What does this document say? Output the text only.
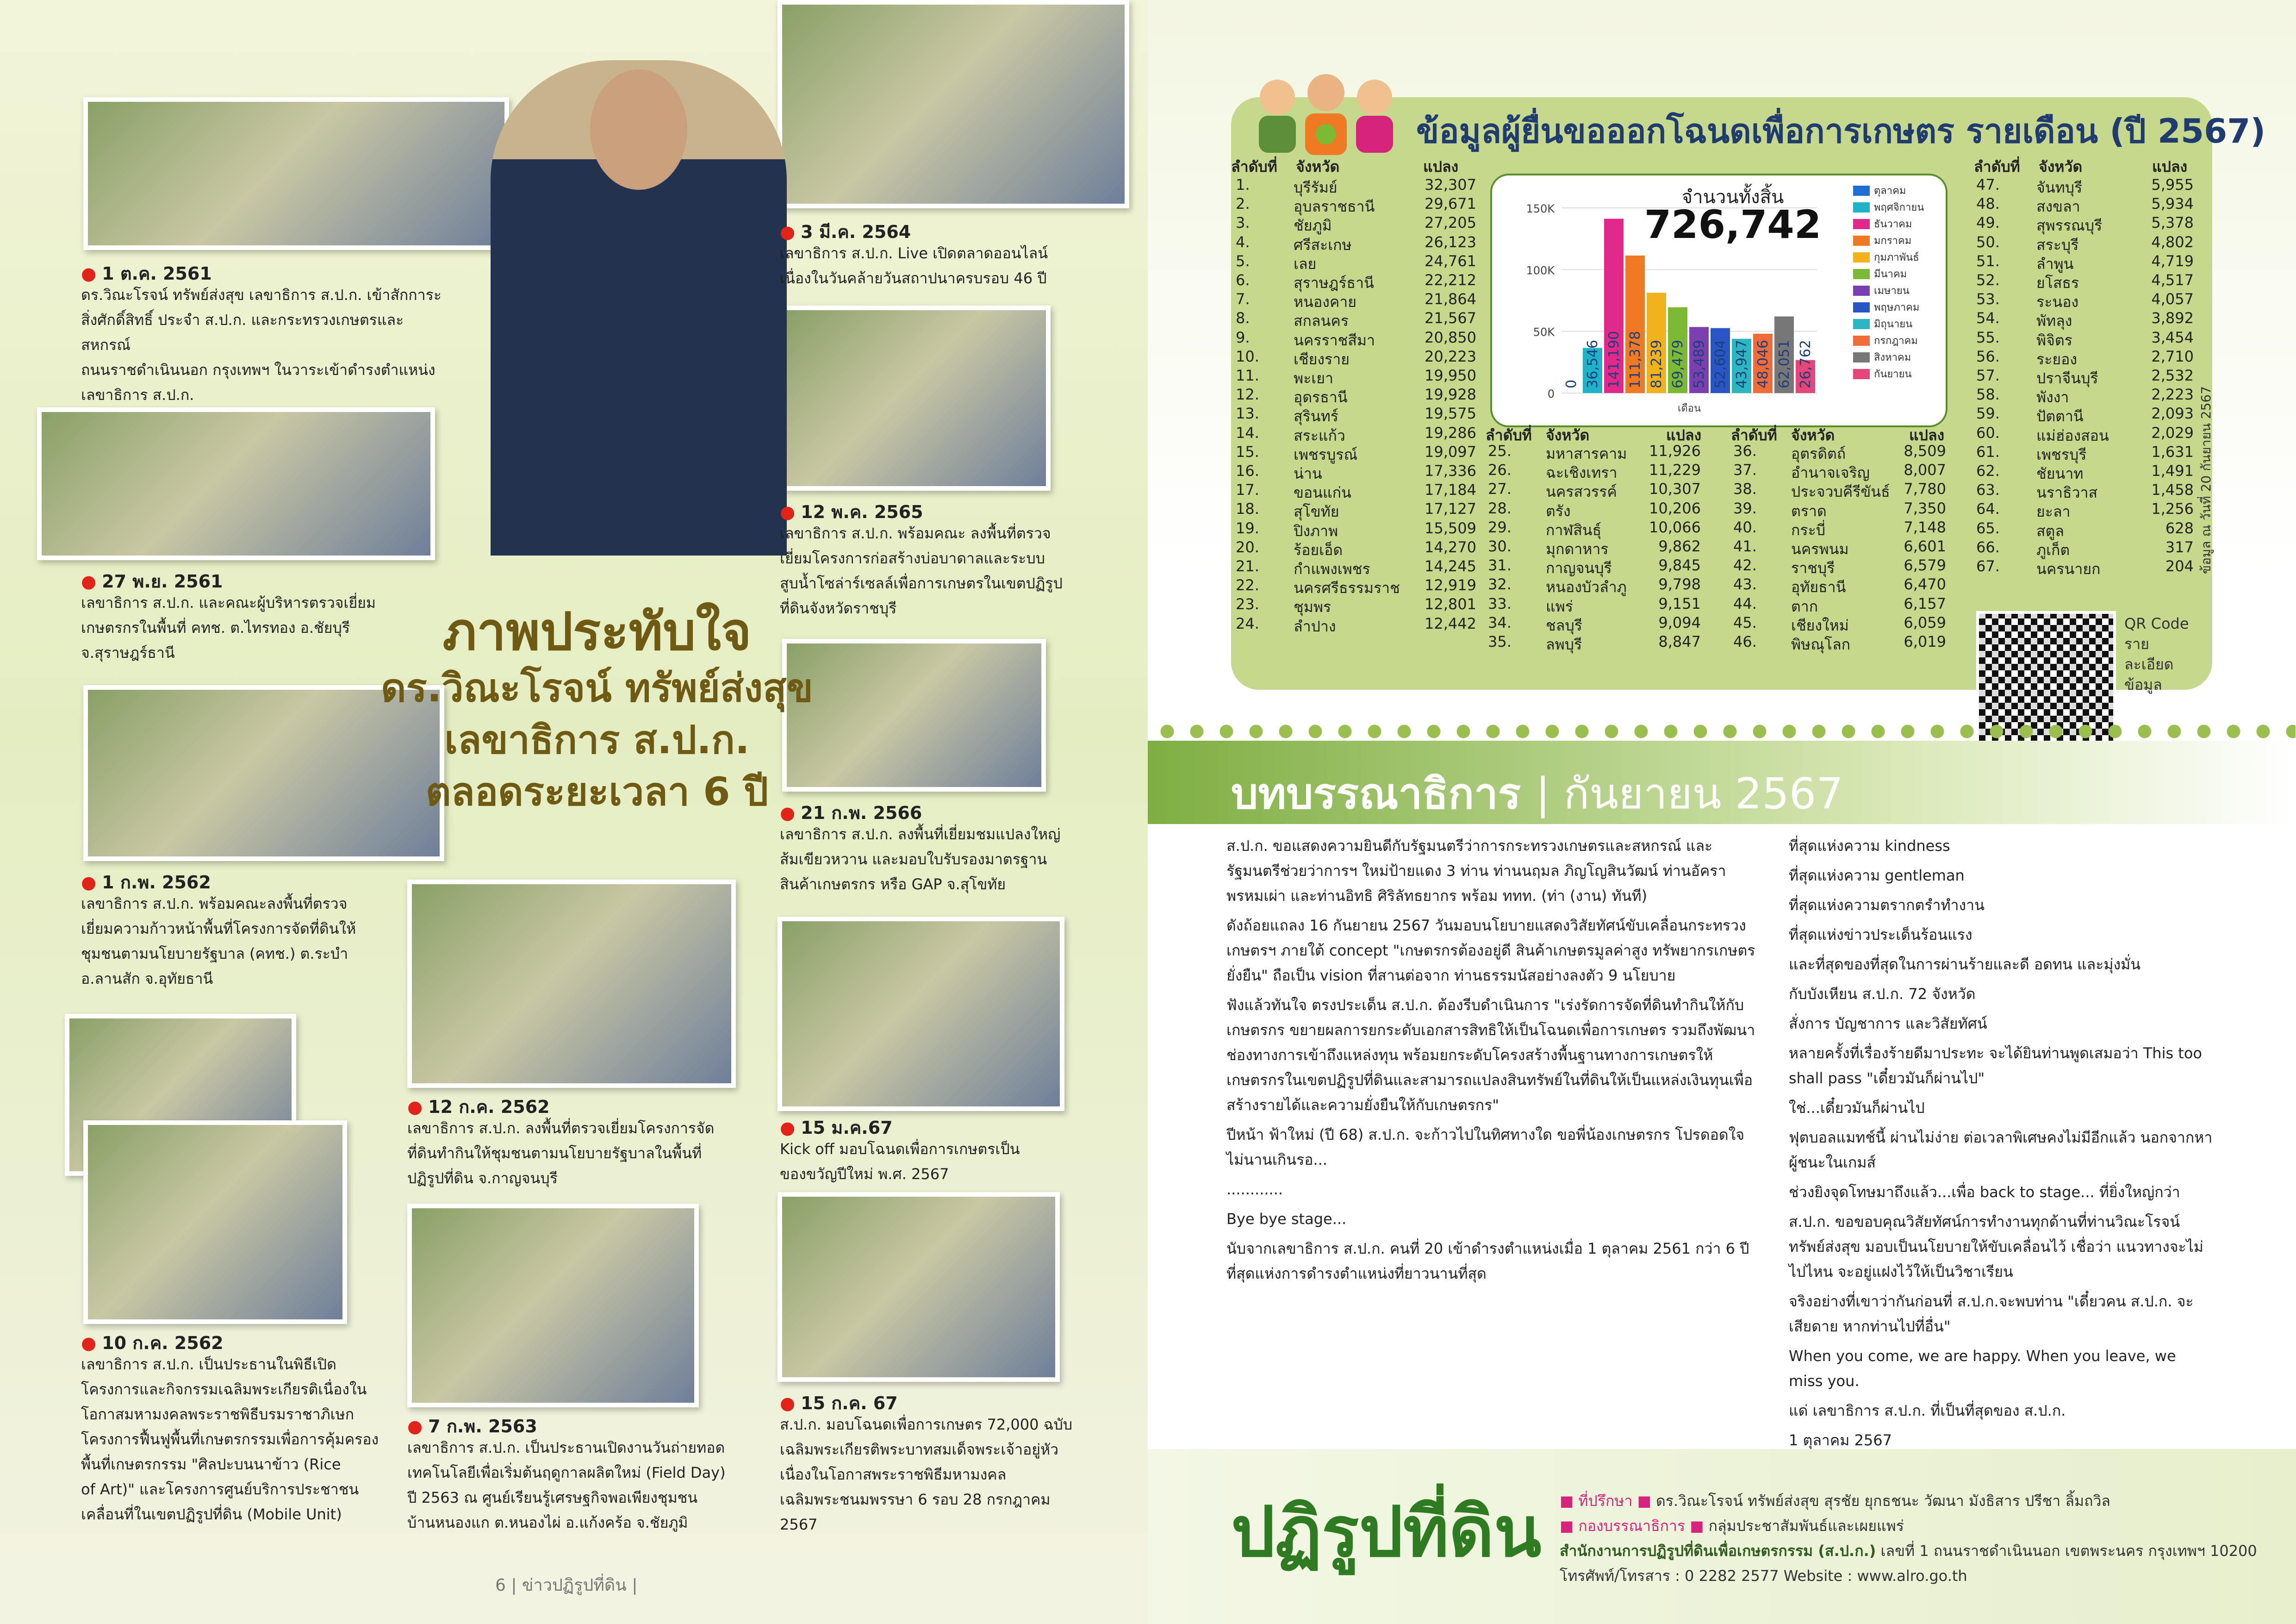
ภาพประทับใจ
ดร.วิณะโรจน์ ทรัพย์ส่งสุข
เลขาธิการ ส.ป.ก.
ตลอดระยะเวลา 6 ปี
● 1 ต.ค. 2561
ดร.วิณะโรจน์ ทรัพย์ส่งสุข เลขาธิการ ส.ป.ก. เข้าสักการะ
สิ่งศักดิ์สิทธิ์ ประจำ ส.ป.ก. และกระทรวงเกษตรและสหกรณ์
ถนนราชดำเนินนอก กรุงเทพฯ ในวาระเข้าดำรงตำแหน่ง
เลขาธิการ ส.ป.ก.
● 27 พ.ย. 2561
เลขาธิการ ส.ป.ก. และคณะผู้บริหารตรวจเยี่ยม
เกษตรกรในพื้นที่ คทช. ต.ไทรทอง อ.ชัยบุรี
จ.สุราษฎร์ธานี
● 1 ก.พ. 2562
เลขาธิการ ส.ป.ก. พร้อมคณะลงพื้นที่ตรวจ
เยี่ยมความก้าวหน้าพื้นที่โครงการจัดที่ดินให้
ชุมชนตามนโยบายรัฐบาล (คทช.) ต.ระบำ
อ.ลานสัก จ.อุทัยธานี
● 10 ก.ค. 2562
เลขาธิการ ส.ป.ก. เป็นประธานในพิธีเปิด
โครงการและกิจกรรมเฉลิมพระเกียรติเนื่องใน
โอกาสมหามงคลพระราชพิธีบรมราชาภิเษก
โครงการฟื้นฟูพื้นที่เกษตรกรรมเพื่อการคุ้มครอง
พื้นที่เกษตรกรรม "ศิลปะบนนาข้าว (Rice
of Art)" และโครงการศูนย์บริการประชาชน
เคลื่อนที่ในเขตปฏิรูปที่ดิน (Mobile Unit)
● 12 ก.ค. 2562
เลขาธิการ ส.ป.ก. ลงพื้นที่ตรวจเยี่ยมโครงการจัด
ที่ดินทำกินให้ชุมชนตามนโยบายรัฐบาลในพื้นที่
ปฏิรูปที่ดิน จ.กาญจนบุรี
● 7 ก.พ. 2563
เลขาธิการ ส.ป.ก. เป็นประธานเปิดงานวันถ่ายทอด
เทคโนโลยีเพื่อเริ่มต้นฤดูกาลผลิตใหม่ (Field Day)
ปี 2563 ณ ศูนย์เรียนรู้เศรษฐกิจพอเพียงชุมชน
บ้านหนองแก ต.หนองไผ่ อ.แก้งคร้อ จ.ชัยภูมิ
● 3 มี.ค. 2564
เลขาธิการ ส.ป.ก. Live เปิดตลาดออนไลน์
เนื่องในวันคล้ายวันสถาปนาครบรอบ 46 ปี
● 12 พ.ค. 2565
เลขาธิการ ส.ป.ก. พร้อมคณะ ลงพื้นที่ตรวจ
เยี่ยมโครงการก่อสร้างบ่อบาดาลและระบบ
สูบน้ำโซล่าร์เซลล์เพื่อการเกษตรในเขตปฏิรูป
ที่ดินจังหวัดราชบุรี
● 21 ก.พ. 2566
เลขาธิการ ส.ป.ก. ลงพื้นที่เยี่ยมชมแปลงใหญ่
ส้มเขียวหวาน และมอบใบรับรองมาตรฐาน
สินค้าเกษตรกร หรือ GAP จ.สุโขทัย
● 15 ม.ค.67
Kick off มอบโฉนดเพื่อการเกษตรเป็น
ของขวัญปีใหม่ พ.ศ. 2567
● 15 ก.ค. 67
ส.ป.ก. มอบโฉนดเพื่อการเกษตร 72,000 ฉบับ
เฉลิมพระเกียรติพระบาทสมเด็จพระเจ้าอยู่หัว
เนื่องในโอกาสพระราชพิธีมหามงคล
เฉลิมพระชนมพรรษา 6 รอบ 28 กรกฎาคม
2567
6 | ข่าวปฏิรูปที่ดิน |
ข้อมูลผู้ยื่นขอออกโฉนดเพื่อการเกษตร รายเดือน (ปี 2567)
ลำดับที่ จังหวัด	แปลง
1.	บุรีรัมย์	32,307
2.	อุบลราชธานี	29,671
3.	ชัยภูมิ	27,205
4.	ศรีสะเกษ	26,123
5.	เลย	24,761
6.	สุราษฎร์ธานี	22,212
7.	หนองคาย	21,864
8.	สกลนคร	21,567
9.	นครราชสีมา	20,850
10. เชียงราย	20,223
11. พะเยา	19,950
12. อุดรธานี	19,928
13. สุรินทร์	19,575
14. สระแก้ว	19,286
15. เพชรบูรณ์	19,097
16. น่าน	17,336
17. ขอนแก่น	17,184
18. สุโขทัย	17,127
19. ปิงภาพ	15,509
20. ร้อยเอ็ด	14,270
21. กำแพงเพชร	14,245
22. นครศรีธรรมราช 12,919
23. ชุมพร	12,801
24. ลำปาง	12,442
0
50K
100K
150K
0 36,546 141,190 111,378 81,239 69,479 53,489 52,604 43,947 48,046 62,051 26,762
เดือน
จำนวนทั้งสิ้น
726,742
ตุลาคม
พฤศจิกายน
ธันวาคม
มกราคม
กุมภาพันธ์
มีนาคม
เมษายน
พฤษภาคม
มิถุนายน
กรกฎาคม
สิงหาคม
กันยายน
ลำดับที่ จังหวัด	แปลง
25. มหาสารคาม 11,926
26. ฉะเชิงเทรา 11,229
27. นครสวรรค์ 10,307
28. ตรัง	10,206
29. กาฬสินธุ์	10,066
30. มุกดาหาร	9,862
31. กาญจนบุรี	9,845
32. หนองบัวลำภู 9,798
33. แพร่	9,151
34. ชลบุรี	9,094
35. ลพบุรี	8,847
ลำดับที่ จังหวัด	แปลง
36. อุตรดิตถ์	8,509
37. อำนาจเจริญ 8,007
38. ประจวบคีรีขันธ์ 7,780
39. ตราด	7,350
40. กระบี่	7,148
41. นครพนม	6,601
42. ราชบุรี	6,579
43. อุทัยธานี	6,470
44. ตาก	6,157
45. เชียงใหม่	6,059
46. พิษณุโลก	6,019
ลำดับที่ จังหวัด	แปลง
47. จันทบุรี	5,955
48. สงขลา	5,934
49. สุพรรณบุรี	5,378
50. สระบุรี	4,802
51. ลำพูน	4,719
52. ยโสธร	4,517
53. ระนอง	4,057
54. พัทลุง	3,892
55. พิจิตร	3,454
56. ระยอง	2,710
57. ปราจีนบุรี	2,532
58. พังงา	2,223
59. ปัตตานี	2,093
60. แม่ฮ่องสอน	2,029
61. เพชรบุรี	1,631
62. ชัยนาท	1,491
63. นราธิวาส	1,458
64. ยะลา	1,256
65. สตูล	628
66. ภูเก็ต	317
67. นครนายก	204 ข้อมูล ณ วันที่ 20 กันยายน 2567
QR Code รายละเอียด ข้อมูล
บทบรรณาธิการ | กันยายน 2567

ส.ป.ก. ขอแสดงความยินดีกับรัฐมนตรีว่าการกระทรวงเกษตรและสหกรณ์ และรัฐมนตรีช่วยว่าการฯ ใหม่ป้ายแดง 3 ท่าน ท่านนฤมล ภิญโญสินวัฒน์ ท่านอัครา พรหมเผ่า และท่านอิทธิ ศิริลัทธยากร พร้อม ททท. (ท่า (งาน) ทันที)

ดังถ้อยแถลง 16 กันยายน 2567 วันมอบนโยบายแสดงวิสัยทัศน์ขับเคลื่อนกระทรวงเกษตรฯ ภายใต้ concept "เกษตรกรต้องอยู่ดี สินค้าเกษตรมูลค่าสูง ทรัพยากรเกษตรยั่งยืน" ถือเป็น vision ที่สานต่อจาก ท่านธรรมนัสอย่างลงตัว 9 นโยบาย

ฟังแล้วทันใจ ตรงประเด็น ส.ป.ก. ต้องรีบดำเนินการ "เร่งรัดการจัดที่ดินทำกินให้กับเกษตรกร ขยายผลการยกระดับเอกสารสิทธิให้เป็นโฉนดเพื่อการเกษตร รวมถึงพัฒนาช่องทางการเข้าถึงแหล่งทุน พร้อมยกระดับโครงสร้างพื้นฐานทางการเกษตรให้เกษตรกรในเขตปฏิรูปที่ดินและสามารถแปลงสินทรัพย์ในที่ดินให้เป็นแหล่งเงินทุนเพื่อสร้างรายได้และความยั่งยืนให้กับเกษตรกร"

ปีหน้า ฟ้าใหม่ (ปี 68) ส.ป.ก. จะก้าวไปในทิศทางใด ขอพี่น้องเกษตรกร โปรดอดใจไม่นานเกินรอ...

............

Bye bye stage...

นับจากเลขาธิการ ส.ป.ก. คนที่ 20 เข้าดำรงตำแหน่งเมื่อ 1 ตุลาคม 2561 กว่า 6 ปี ที่สุดแห่งการดำรงตำแหน่งที่ยาวนานที่สุด

ที่สุดแห่งความ kindness

ที่สุดแห่งความ gentleman

ที่สุดแห่งความตรากตรำทำงาน

ที่สุดแห่งข่าวประเด็นร้อนแรง

และที่สุดของที่สุดในการผ่านร้ายและดี อดทน และมุ่งมั่น

กับบังเหียน ส.ป.ก. 72 จังหวัด

สั่งการ บัญชาการ และวิสัยทัศน์

หลายครั้งที่เรื่องร้ายดีมาประทะ จะได้ยินท่านพูดเสมอว่า This too shall pass "เดี๋ยวมันก็ผ่านไป"

ใช่...เดี๋ยวมันก็ผ่านไป

ฟุตบอลแมทช์นี้ ผ่านไม่ง่าย ต่อเวลาพิเศษคงไม่มีอีกแล้ว นอกจากหาผู้ชนะในเกมส์

ช่วงยิงจุดโทษมาถึงแล้ว...เพื่อ back to stage... ที่ยิ่งใหญ่กว่า

ส.ป.ก. ขอขอบคุณวิสัยทัศน์การทำงานทุกด้านที่ท่านวิณะโรจน์ ทรัพย์ส่งสุข มอบเป็นนโยบายให้ขับเคลื่อนไว้ เชื่อว่า แนวทางจะไม่ไปไหน จะอยู่แฝงไว้ให้เป็นวิชาเรียน

จริงอย่างที่เขาว่ากันก่อนที่ ส.ป.ก.จะพบท่าน "เดี๋ยวคน ส.ป.ก. จะเสียดาย หากท่านไปที่อื่น"

When you come, we are happy. When you leave, we miss you.

แด่ เลขาธิการ ส.ป.ก. ที่เป็นที่สุดของ ส.ป.ก.

1 ตุลาคม 2567

ปฏิรูปที่ดิน ■ ที่ปรึกษา ■ ดร.วิณะโรจน์ ทรัพย์ส่งสุข สุรชัย ยุกธชนะ วัฒนา มังธิสาร ปรีชา ลิ้มถวิล
■ กองบรรณาธิการ ■ กลุ่มประชาสัมพันธ์และเผยแพร่
สำนักงานการปฏิรูปที่ดินเพื่อเกษตรกรรม (ส.ป.ก.) เลขที่ 1 ถนนราชดำเนินนอก เขตพระนคร กรุงเทพฯ 10200
โทรศัพท์/โทรสาร : 0 2282 2577 Website : www.alro.go.th
